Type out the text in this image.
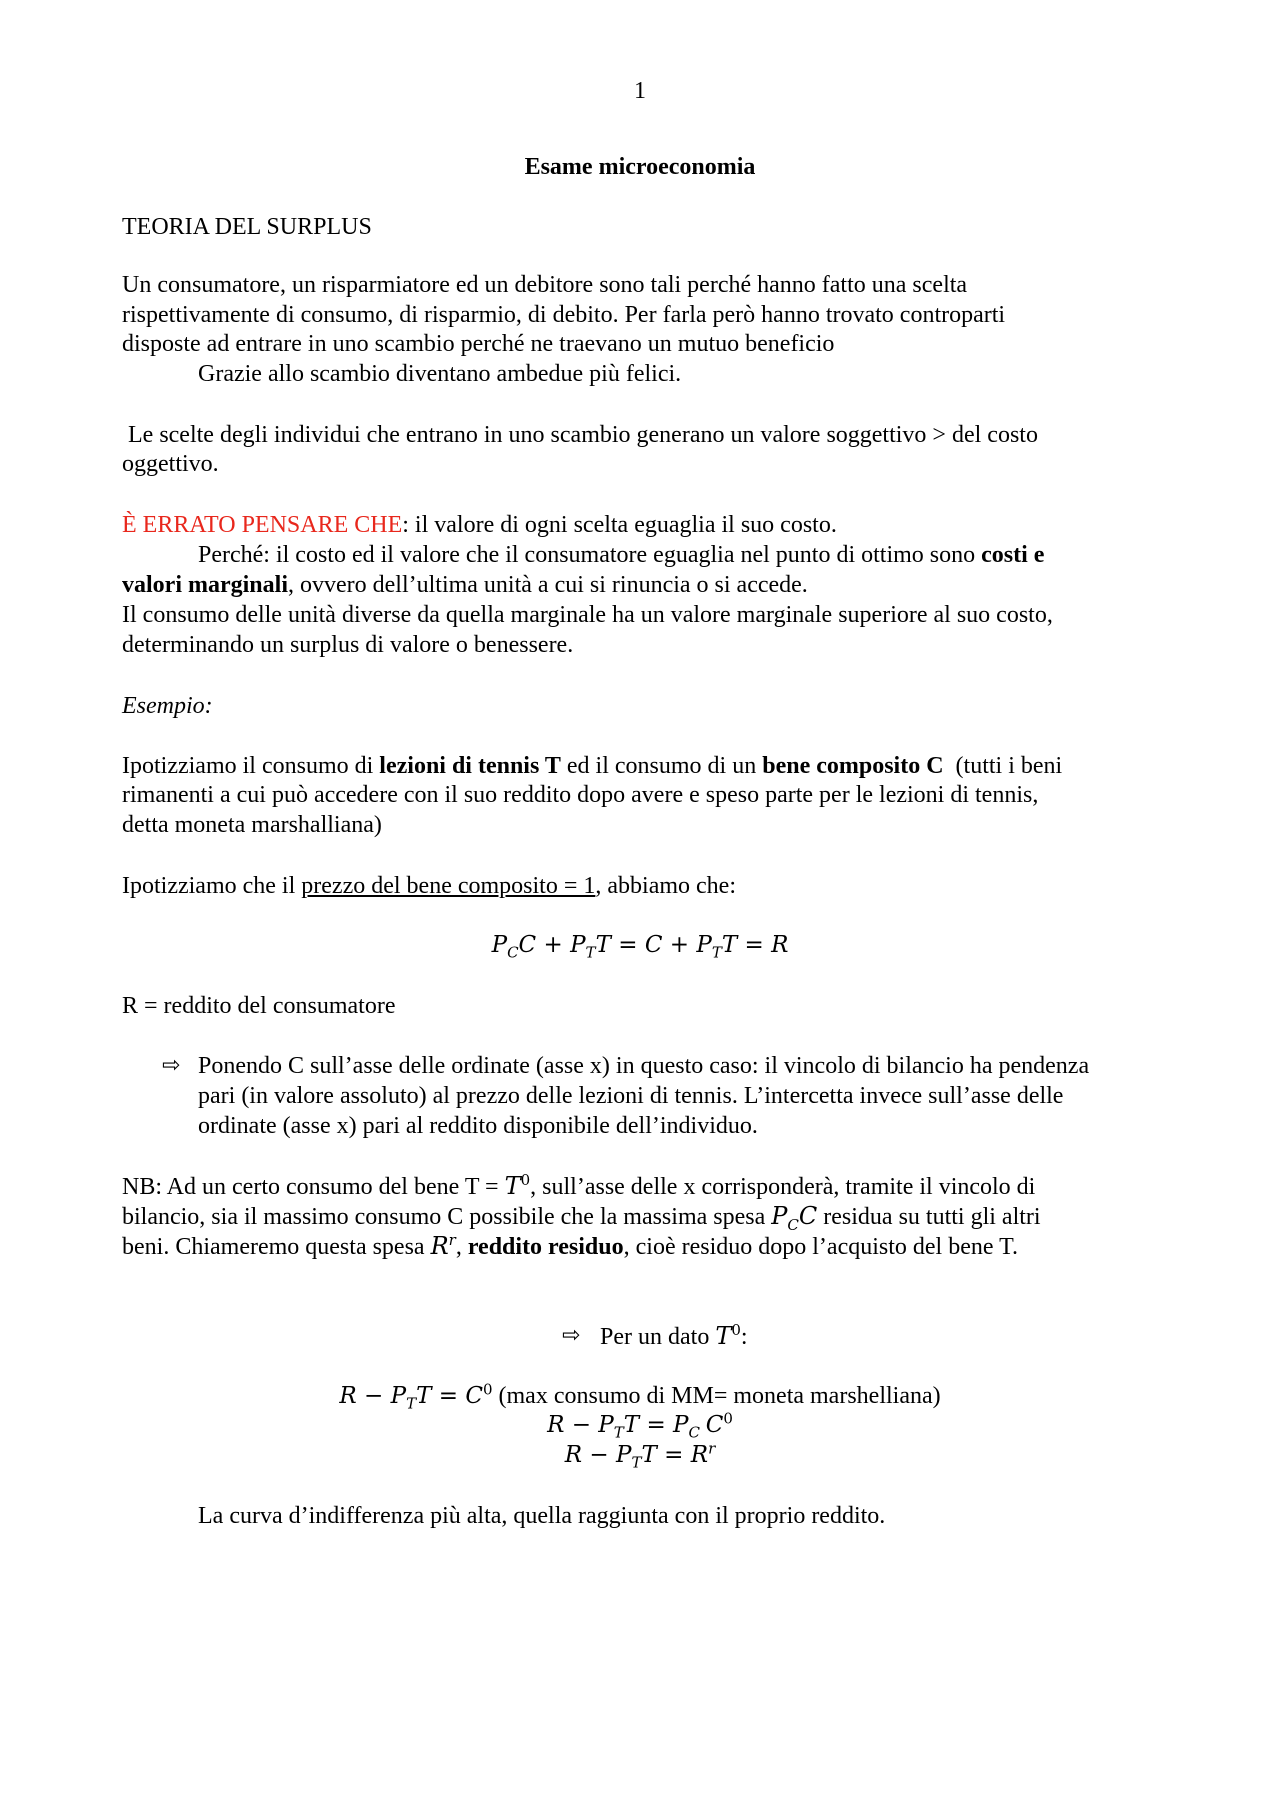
1
Esame microeconomia
TEORIA DEL SURPLUS
Un consumatore, un risparmiatore ed un debitore sono tali perché hanno fatto una scelta
rispettivamente di consumo, di risparmio, di debito. Per farla però hanno trovato controparti
disposte ad entrare in uno scambio perché ne traevano un mutuo beneficio
Grazie allo scambio diventano ambedue più felici.
Le scelte degli individui che entrano in uno scambio generano un valore soggettivo > del costo
oggettivo.
È ERRATO PENSARE CHE: il valore di ogni scelta eguaglia il suo costo.
Perché: il costo ed il valore che il consumatore eguaglia nel punto di ottimo sono costi e
valori marginali, ovvero dell’ultima unità a cui si rinuncia o si accede.
Il consumo delle unità diverse da quella marginale ha un valore marginale superiore al suo costo,
determinando un surplus di valore o benessere.
Esempio:
Ipotizziamo il consumo di lezioni di tennis T ed il consumo di un bene composito C  (tutti i beni
rimanenti a cui può accedere con il suo reddito dopo avere e speso parte per le lezioni di tennis,
detta moneta marshalliana)
Ipotizziamo che il prezzo del bene composito = 1, abbiamo che:
$P_CC + P_TT = C + P_TT = R$
R = reddito del consumatore
⇨ Ponendo C sull’asse delle ordinate (asse x) in questo caso: il vincolo di bilancio ha pendenza
pari (in valore assoluto) al prezzo delle lezioni di tennis. L’intercetta invece sull’asse delle
ordinate (asse x) pari al reddito disponibile dell’individuo.
NB: Ad un certo consumo del bene $T = T^0$, sull’asse delle x corrisponderà, tramite il vincolo di
bilancio, sia il massimo consumo C possibile che la massima spesa $P_CC$ residua su tutti gli altri
beni. Chiameremo questa spesa $R^r$, reddito residuo, cioè residuo dopo l’acquisto del bene T.
⇨ Per un dato $T^0$:
$R - P_TT = C^0$ (max consumo di MM= moneta marshelliana)
$R - P_TT = P_C$ $C^0$
$R - P_TT = R^r$
La curva d’indifferenza più alta, quella raggiunta con il proprio reddito.
